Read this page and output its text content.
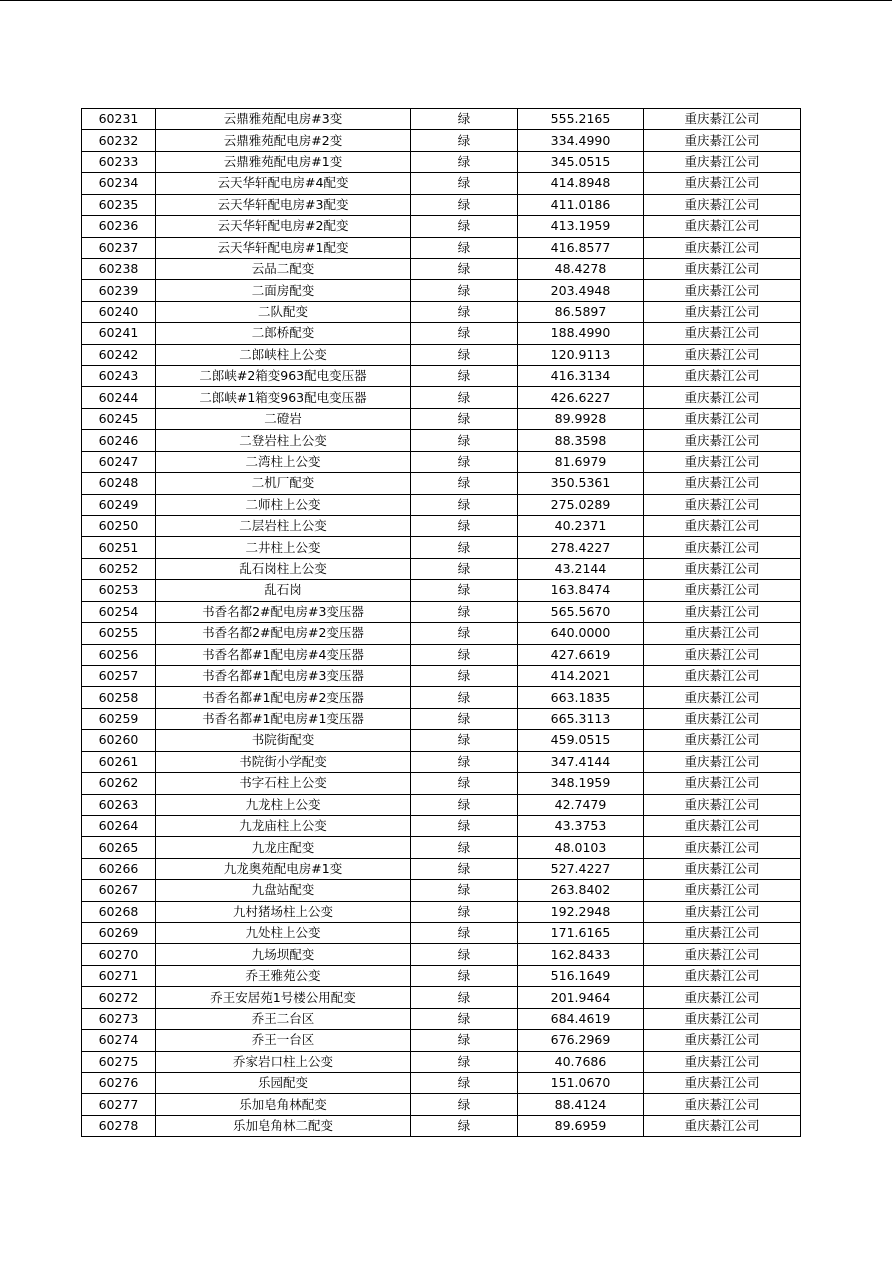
60231	云鼎雅苑配电房#3变	绿	555.2165	重庆綦江公司
60232	云鼎雅苑配电房#2变	绿	334.4990	重庆綦江公司
60233	云鼎雅苑配电房#1变	绿	345.0515	重庆綦江公司
60234	云天华轩配电房#4配变	绿	414.8948	重庆綦江公司
60235	云天华轩配电房#3配变	绿	411.0186	重庆綦江公司
60236	云天华轩配电房#2配变	绿	413.1959	重庆綦江公司
60237	云天华轩配电房#1配变	绿	416.8577	重庆綦江公司
60238	云品二配变	绿	48.4278	重庆綦江公司
60239	二面房配变	绿	203.4948	重庆綦江公司
60240	二队配变	绿	86.5897	重庆綦江公司
60241	二郎桥配变	绿	188.4990	重庆綦江公司
60242	二郎峡柱上公变	绿	120.9113	重庆綦江公司
60243	二郎峡#2箱变963配电变压器	绿	416.3134	重庆綦江公司
60244	二郎峡#1箱变963配电变压器	绿	426.6227	重庆綦江公司
60245	二磴岩	绿	89.9928	重庆綦江公司
60246	二登岩柱上公变	绿	88.3598	重庆綦江公司
60247	二湾柱上公变	绿	81.6979	重庆綦江公司
60248	二机厂配变	绿	350.5361	重庆綦江公司
60249	二师柱上公变	绿	275.0289	重庆綦江公司
60250	二层岩柱上公变	绿	40.2371	重庆綦江公司
60251	二井柱上公变	绿	278.4227	重庆綦江公司
60252	乱石岗柱上公变	绿	43.2144	重庆綦江公司
60253	乱石岗	绿	163.8474	重庆綦江公司
60254	书香名都2#配电房#3变压器	绿	565.5670	重庆綦江公司
60255	书香名都2#配电房#2变压器	绿	640.0000	重庆綦江公司
60256	书香名都#1配电房#4变压器	绿	427.6619	重庆綦江公司
60257	书香名都#1配电房#3变压器	绿	414.2021	重庆綦江公司
60258	书香名都#1配电房#2变压器	绿	663.1835	重庆綦江公司
60259	书香名都#1配电房#1变压器	绿	665.3113	重庆綦江公司
60260	书院街配变	绿	459.0515	重庆綦江公司
60261	书院街小学配变	绿	347.4144	重庆綦江公司
60262	书字石柱上公变	绿	348.1959	重庆綦江公司
60263	九龙柱上公变	绿	42.7479	重庆綦江公司
60264	九龙庙柱上公变	绿	43.3753	重庆綦江公司
60265	九龙庄配变	绿	48.0103	重庆綦江公司
60266	九龙奥苑配电房#1变	绿	527.4227	重庆綦江公司
60267	九盘站配变	绿	263.8402	重庆綦江公司
60268	九村猪场柱上公变	绿	192.2948	重庆綦江公司
60269	九处柱上公变	绿	171.6165	重庆綦江公司
60270	九场坝配变	绿	162.8433	重庆綦江公司
60271	乔王雅苑公变	绿	516.1649	重庆綦江公司
60272	乔王安居苑1号楼公用配变	绿	201.9464	重庆綦江公司
60273	乔王二台区	绿	684.4619	重庆綦江公司
60274	乔王一台区	绿	676.2969	重庆綦江公司
60275	乔家岩口柱上公变	绿	40.7686	重庆綦江公司
60276	乐园配变	绿	151.0670	重庆綦江公司
60277	乐加皂角林配变	绿	88.4124	重庆綦江公司
60278	乐加皂角林二配变	绿	89.6959	重庆綦江公司
